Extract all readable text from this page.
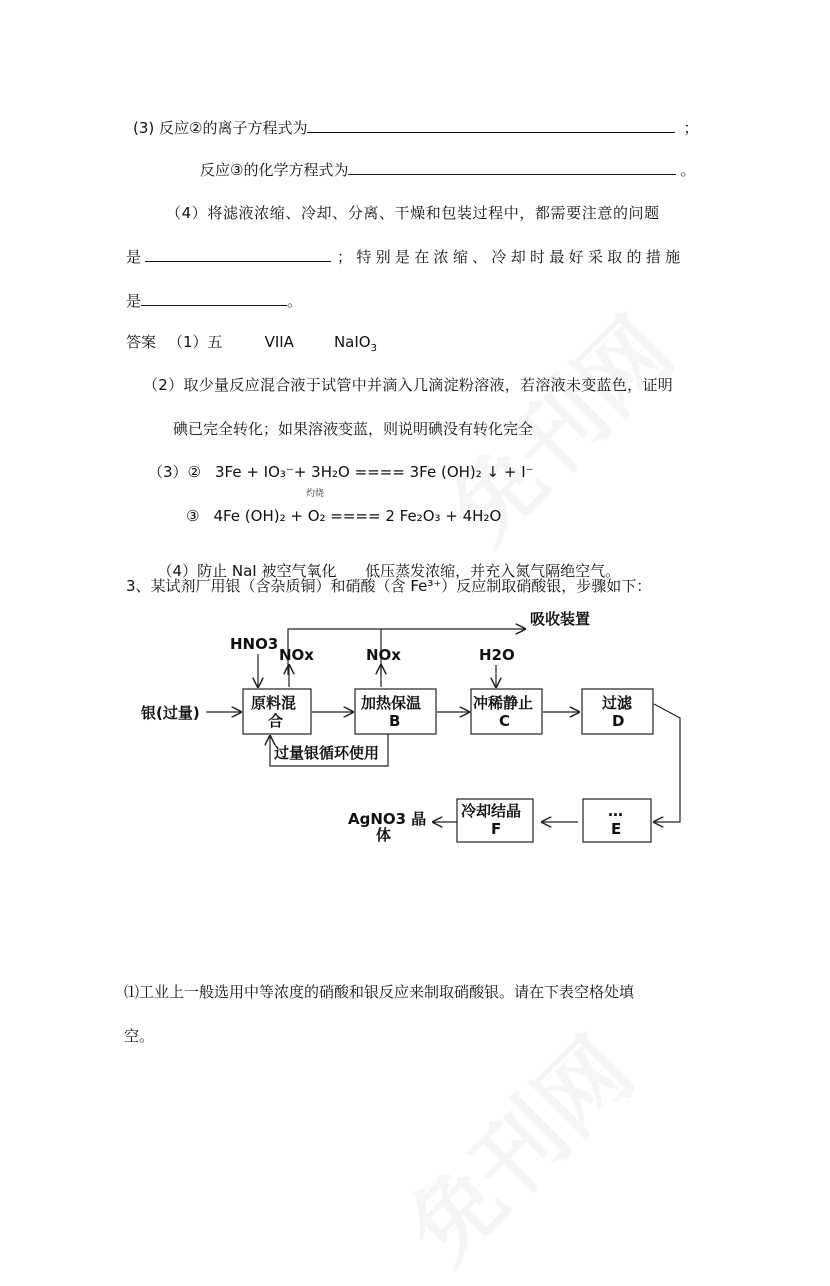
(3) 反应②的离子方程式为	；
反应③的化学方程式为	。
（4）将滤液浓缩、冷却、分离、干燥和包装过程中，都需要注意的问题
是	；特别是在浓缩、冷却时最好采取的措施
是	。
答案 （1）五	VIIA	NaIO$_3$
（2）取少量反应混合液于试管中并滴入几滴淀粉溶液，若溶液未变蓝色，证明
碘已完全转化；如果溶液变蓝，则说明碘没有转化完全
（3）② 3Fe + IO₃⁻+ 3H₂O ==== 3Fe (OH)₂ ↓ + I⁻
灼烧
③ 4Fe (OH)₂ + O₂ ==== 2 Fe₂O₃ + 4H₂O

（4）防止 NaI 被空气氧化      低压蒸发浓缩，并充入氮气隔绝空气。

3、某试剂厂用银（含杂质铜）和硝酸（含 Fe³⁺）反应制取硝酸银，步骤如下：
吸收装置
HNO3
NOx	NOx	H2O
银(过量)
原料混
合
加热保温
B
冲稀静止
C
过滤
D
过量银循环使用
…
E
冷却结晶
F
AgNO3 晶
体
⑴工业上一般选用中等浓度的硝酸和银反应来制取硝酸银。请在下表空格处填
空。
